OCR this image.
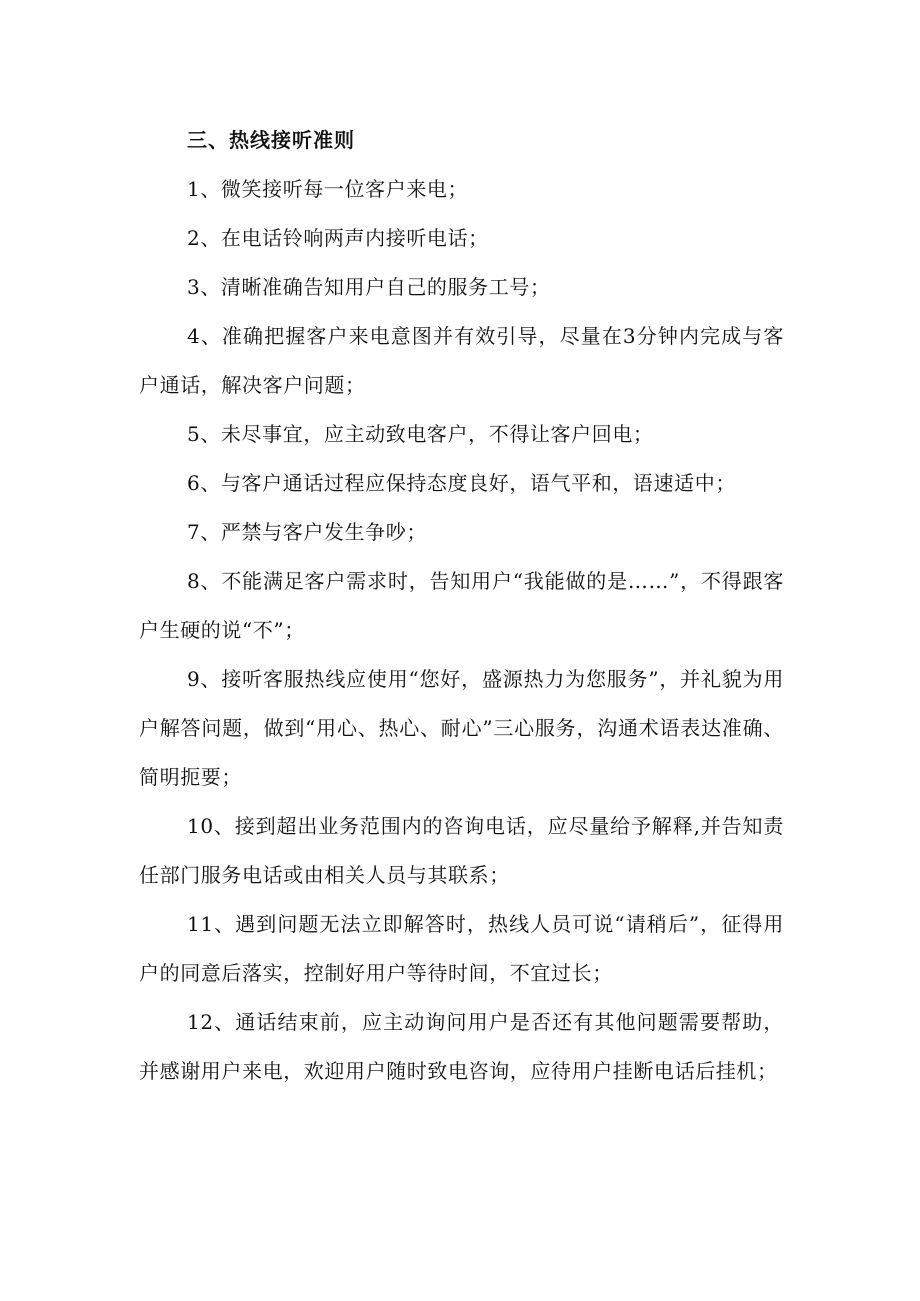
三、热线接听准则

1、微笑接听每一位客户来电；

2、在电话铃响两声内接听电话；

3、清晰准确告知用户自己的服务工号；

4、准确把握客户来电意图并有效引导，尽量在3分钟内完成与客户通话，解决客户问题；

5、未尽事宜，应主动致电客户，不得让客户回电；

6、与客户通话过程应保持态度良好，语气平和，语速适中；

7、严禁与客户发生争吵；

8、不能满足客户需求时，告知用户“我能做的是……”，不得跟客户生硬的说“不”；

9、接听客服热线应使用“您好，盛源热力为您服务”，并礼貌为用户解答问题，做到“用心、热心、耐心”三心服务，沟通术语表达准确、简明扼要；

10、接到超出业务范围内的咨询电话，应尽量给予解释,并告知责任部门服务电话或由相关人员与其联系；

11、遇到问题无法立即解答时，热线人员可说“请稍后”，征得用户的同意后落实，控制好用户等待时间，不宜过长；

12、通话结束前，应主动询问用户是否还有其他问题需要帮助，并感谢用户来电，欢迎用户随时致电咨询，应待用户挂断电话后挂机；
